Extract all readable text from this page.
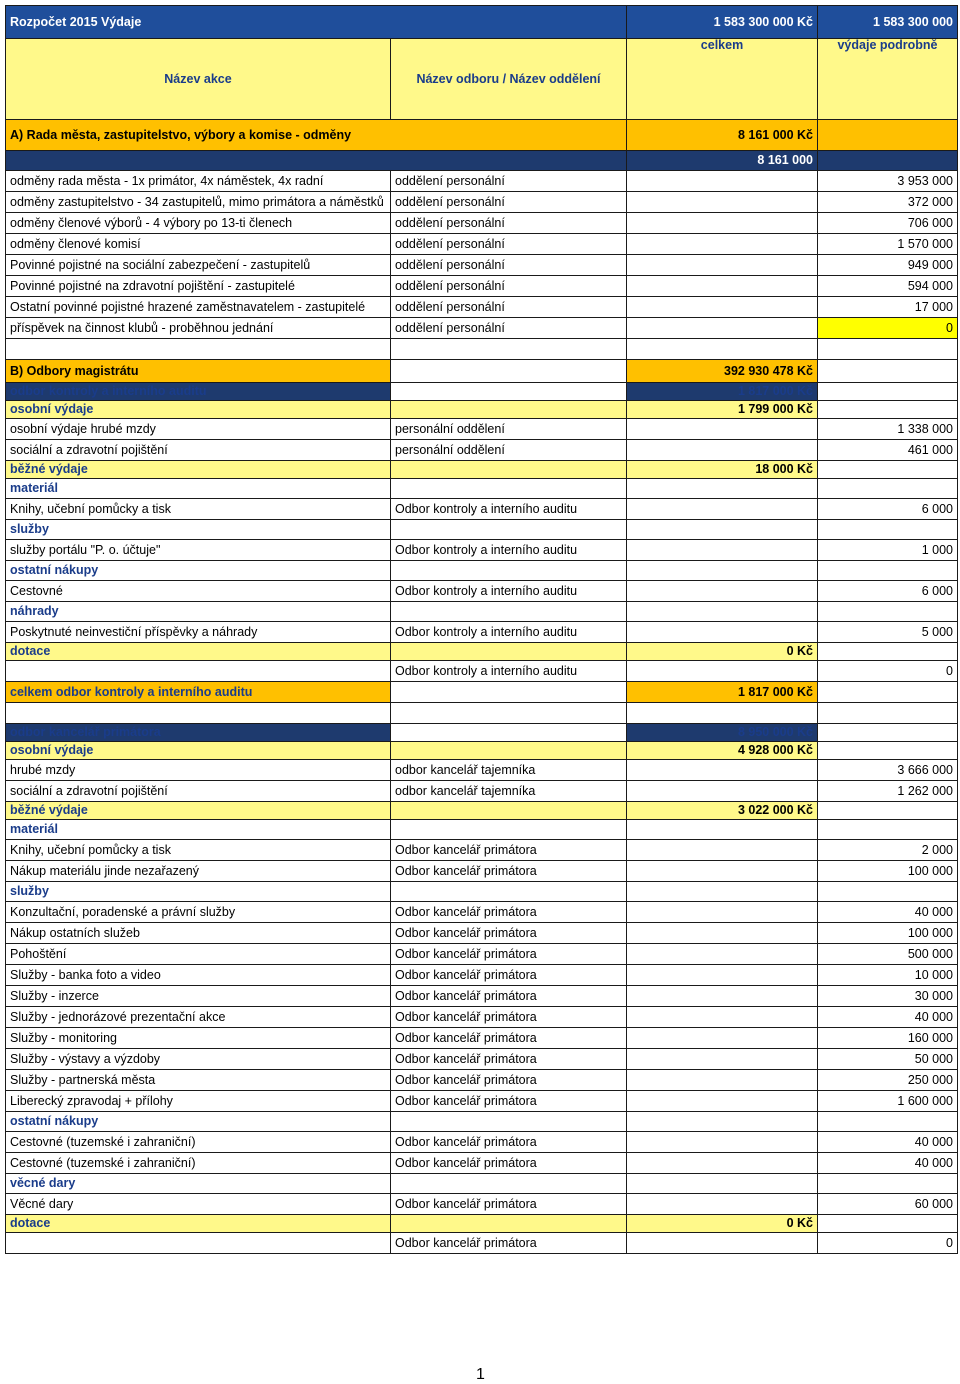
Rozpočet 2015 Výdaje		1 583 300 000 Kč	1 583 300 000
Název akce	Název odboru / Název oddělení	celkem	výdaje podrobně
A) Rada města, zastupitelstvo, výbory a komise - odměny		8 161 000 Kč	
		8 161 000	
odměny rada města - 1x primátor, 4x náměstek, 4x radní	oddělení personální		3 953 000
odměny zastupitelstvo - 34 zastupitelů, mimo primátora a náměstků	oddělení personální		372 000
odměny členové výborů - 4 výbory po 13-ti členech	oddělení personální		706 000
odměny členové komisí	oddělení personální		1 570 000
Povinné pojistné na sociální zabezpečení - zastupitelů	oddělení personální		949 000
Povinné pojistné na zdravotní pojištění - zastupitelé	oddělení personální		594 000
Ostatní povinné pojistné hrazené zaměstnavatelem - zastupitelé	oddělení personální		17 000
příspěvek na činnost klubů - proběhnou jednání	oddělení personální		0

B) Odbory magistrátu		392 930 478 Kč	
odbor kontroly a interního auditu		1 817 000 Kč	
osobní výdaje		1 799 000 Kč	
osobní výdaje hrubé mzdy	personální oddělení		1 338 000
sociální a zdravotní pojištění	personální oddělení		461 000
běžné výdaje		18 000 Kč	
materiál			
Knihy, učební pomůcky a tisk	Odbor kontroly a interního auditu		6 000
služby			
služby portálu "P. o. účtuje"	Odbor kontroly a interního auditu		1 000
ostatní nákupy			
Cestovné	Odbor kontroly a interního auditu		6 000
náhrady			
Poskytnuté neinvestiční příspěvky a náhrady	Odbor kontroly a interního auditu		5 000
dotace		0 Kč	
	Odbor kontroly a interního auditu		0
celkem odbor kontroly a interního auditu		1 817 000 Kč	

odbor kancelář primátora		8 950 000 Kč	
osobní výdaje		4 928 000 Kč	
hrubé mzdy	odbor kancelář tajemníka		3 666 000
sociální a zdravotní pojištění	odbor kancelář tajemníka		1 262 000
běžné výdaje		3 022 000 Kč	
materiál			
Knihy, učební pomůcky a tisk	Odbor kancelář primátora		2 000
Nákup materiálu jinde nezařazený	Odbor kancelář primátora		100 000
služby			
Konzultační, poradenské a právní služby	Odbor kancelář primátora		40 000
Nákup ostatních služeb	Odbor kancelář primátora		100 000
Pohoštění	Odbor kancelář primátora		500 000
Služby - banka foto a video	Odbor kancelář primátora		10 000
Služby - inzerce	Odbor kancelář primátora		30 000
Služby - jednorázové prezentační akce	Odbor kancelář primátora		40 000
Služby - monitoring	Odbor kancelář primátora		160 000
Služby - výstavy a výzdoby	Odbor kancelář primátora		50 000
Služby - partnerská města	Odbor kancelář primátora		250 000
Liberecký zpravodaj + přílohy	Odbor kancelář primátora		1 600 000
ostatní nákupy			
Cestovné (tuzemské i zahraniční)	Odbor kancelář primátora		40 000
Cestovné (tuzemské i zahraniční)	Odbor kancelář primátora		40 000
věcné dary			
Věcné dary	Odbor kancelář primátora		60 000
dotace		0 Kč	
	Odbor kancelář primátora		0
1
